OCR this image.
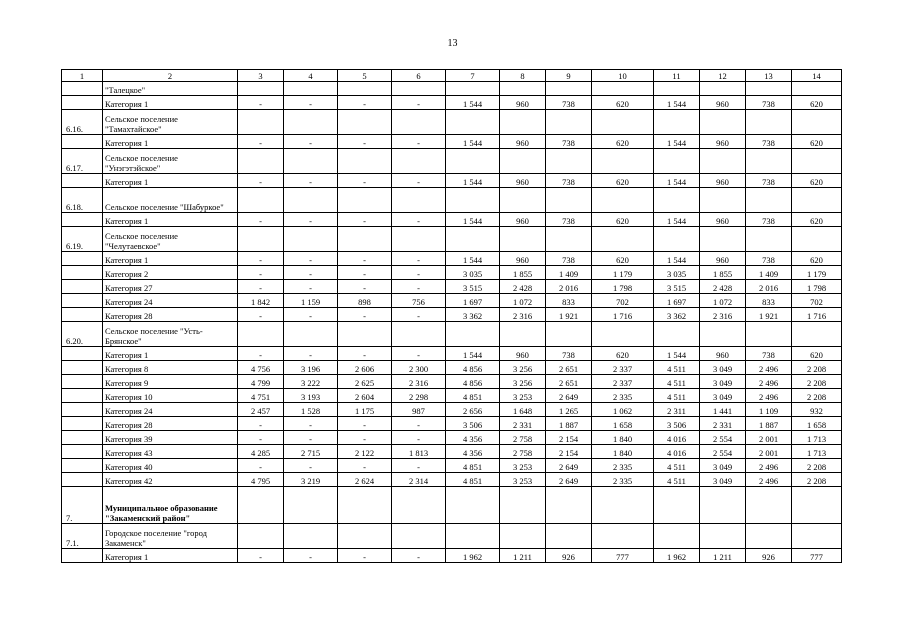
13
1	2	3	4	5	6	7	8	9	10	11	12	13	14
	"Талецкое"												
	Категория 1	-	-	-	-	1 544	960	738	620	1 544	960	738	620
6.16.	Сельское поселение "Тамахтайское"												
	Категория 1	-	-	-	-	1 544	960	738	620	1 544	960	738	620
6.17.	Сельское поселение "Унэгэтэйское"												
	Категория 1	-	-	-	-	1 544	960	738	620	1 544	960	738	620
6.18.	Сельское поселение "Шабуркое"												
	Категория 1	-	-	-	-	1 544	960	738	620	1 544	960	738	620
6.19.	Сельское поселение "Челутаевское"												
	Категория 1	-	-	-	-	1 544	960	738	620	1 544	960	738	620
	Категория 2	-	-	-	-	3 035	1 855	1 409	1 179	3 035	1 855	1 409	1 179
	Категория 27	-	-	-	-	3 515	2 428	2 016	1 798	3 515	2 428	2 016	1 798
	Категория 24	1 842	1 159	898	756	1 697	1 072	833	702	1 697	1 072	833	702
	Категория 28	-	-	-	-	3 362	2 316	1 921	1 716	3 362	2 316	1 921	1 716
6.20.	Сельское поселение "Усть-Брянское"												
	Категория 1	-	-	-	-	1 544	960	738	620	1 544	960	738	620
	Категория 8	4 756	3 196	2 606	2 300	4 856	3 256	2 651	2 337	4 511	3 049	2 496	2 208
	Категория 9	4 799	3 222	2 625	2 316	4 856	3 256	2 651	2 337	4 511	3 049	2 496	2 208
	Категория 10	4 751	3 193	2 604	2 298	4 851	3 253	2 649	2 335	4 511	3 049	2 496	2 208
	Категория 24	2 457	1 528	1 175	987	2 656	1 648	1 265	1 062	2 311	1 441	1 109	932
	Категория 28	-	-	-	-	3 506	2 331	1 887	1 658	3 506	2 331	1 887	1 658
	Категория 39	-	-	-	-	4 356	2 758	2 154	1 840	4 016	2 554	2 001	1 713
	Категория 43	4 285	2 715	2 122	1 813	4 356	2 758	2 154	1 840	4 016	2 554	2 001	1 713
	Категория 40	-	-	-	-	4 851	3 253	2 649	2 335	4 511	3 049	2 496	2 208
	Категория 42	4 795	3 219	2 624	2 314	4 851	3 253	2 649	2 335	4 511	3 049	2 496	2 208
7.	Муниципальное образование "Закаменский район"												
7.1.	Городское поселение "город Закаменск"												
	Категория 1	-	-	-	-	1 962	1 211	926	777	1 962	1 211	926	777
